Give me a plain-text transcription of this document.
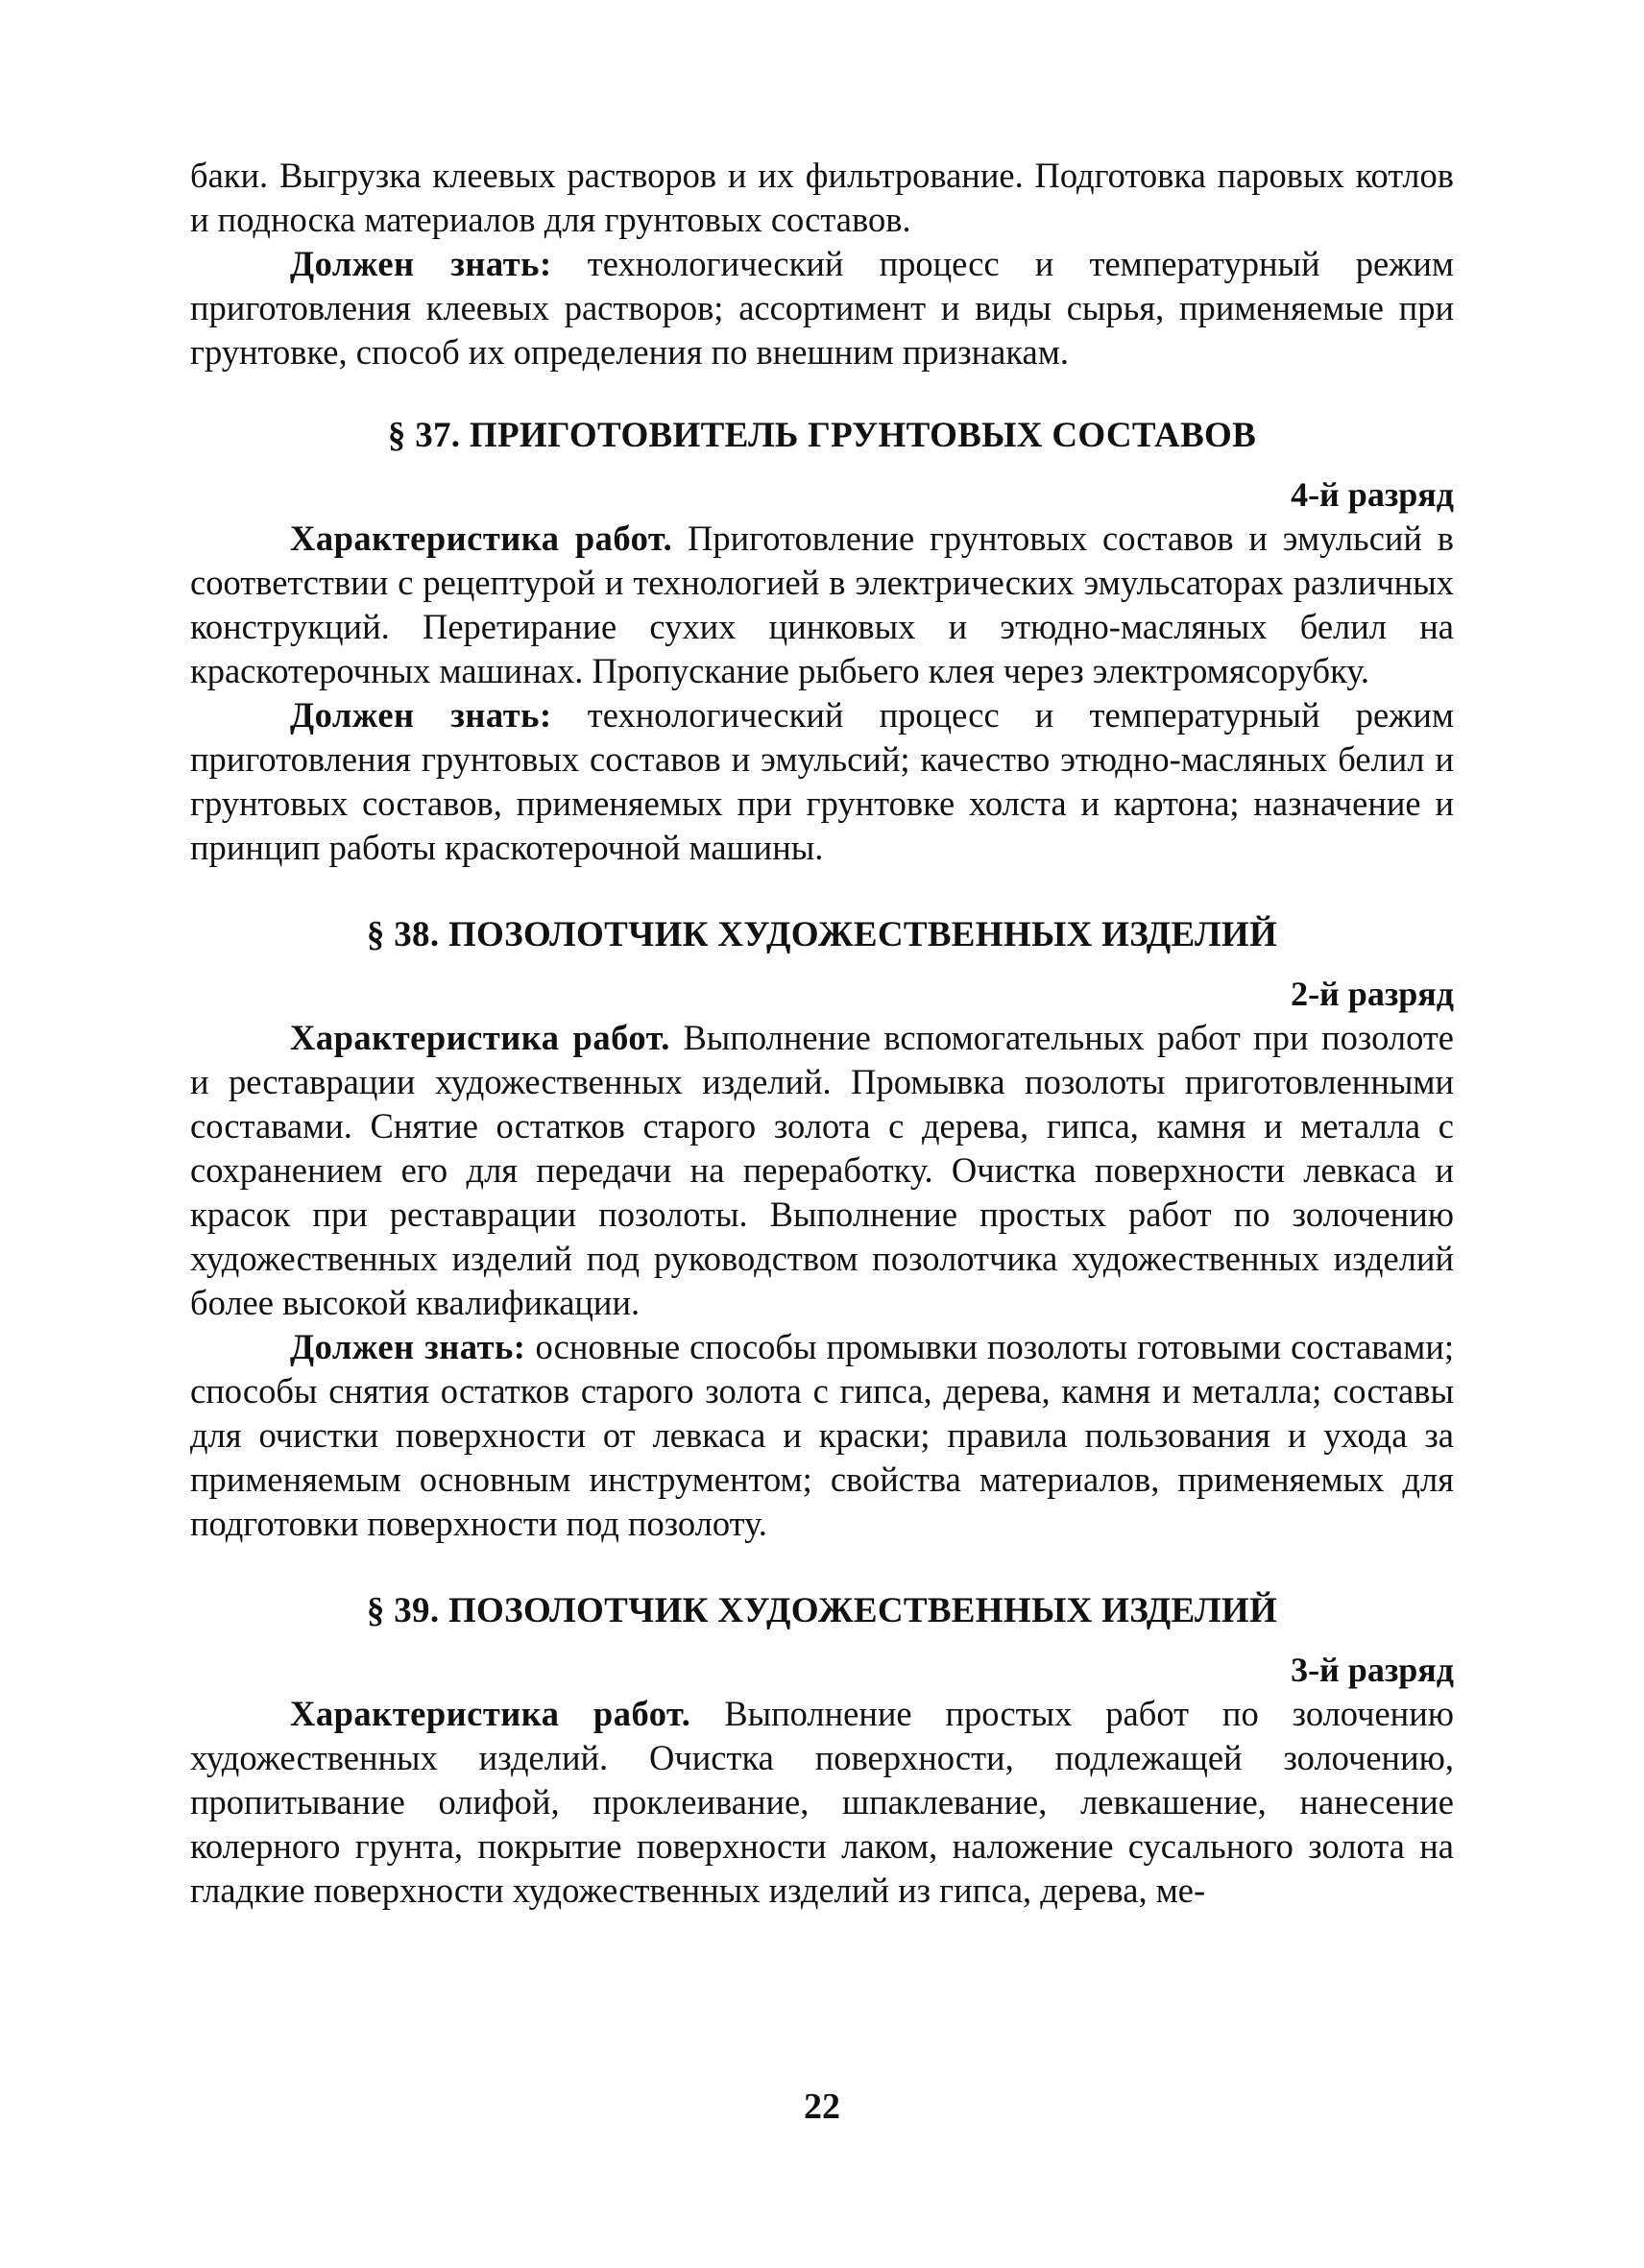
баки. Выгрузка клеевых растворов и их фильтрование. Подготовка паровых котлов и подноска материалов для грунтовых составов.

Должен знать: технологический процесс и температурный режим приготовления клеевых растворов; ассортимент и виды сырья, применяемые при грунтовке, способ их определения по внешним признакам.

§ 37. ПРИГОТОВИТЕЛЬ ГРУНТОВЫХ СОСТАВОВ
4-й разряд

Характеристика работ. Приготовление грунтовых составов и эмульсий в соответствии с рецептурой и технологией в электрических эмульсаторах различных конструкций. Перетирание сухих цинковых и этюдно-масляных белил на краскотерочных машинах. Пропускание рыбьего клея через электромясорубку.

Должен знать: технологический процесс и температурный режим приготовления грунтовых составов и эмульсий; качество этюдно-масляных белил и грунтовых составов, применяемых при грунтовке холста и картона; назначение и принцип работы краскотерочной машины.

§ 38. ПОЗОЛОТЧИК ХУДОЖЕСТВЕННЫХ ИЗДЕЛИЙ
2-й разряд

Характеристика работ. Выполнение вспомогательных работ при позолоте и реставрации художественных изделий. Промывка позолоты приготовленными составами. Снятие остатков старого золота с дерева, гипса, камня и металла с сохранением его для передачи на переработку. Очистка поверхности левкаса и красок при реставрации позолоты. Выполнение простых работ по золочению художественных изделий под руководством позолотчика художественных изделий более высокой квалификации.

Должен знать: основные способы промывки позолоты готовыми составами; способы снятия остатков старого золота с гипса, дерева, камня и металла; составы для очистки поверхности от левкаса и краски; правила пользования и ухода за применяемым основным инструментом; свойства материалов, применяемых для подготовки поверхности под позолоту.

§ 39. ПОЗОЛОТЧИК ХУДОЖЕСТВЕННЫХ ИЗДЕЛИЙ
3-й разряд

Характеристика работ. Выполнение простых работ по золочению художественных изделий. Очистка поверхности, подлежащей золочению, пропитывание олифой, проклеивание, шпаклевание, левкашение, нанесение колерного грунта, покрытие поверхности лаком, наложение сусального золота на гладкие поверхности художественных изделий из гипса, дерева, ме-

22
